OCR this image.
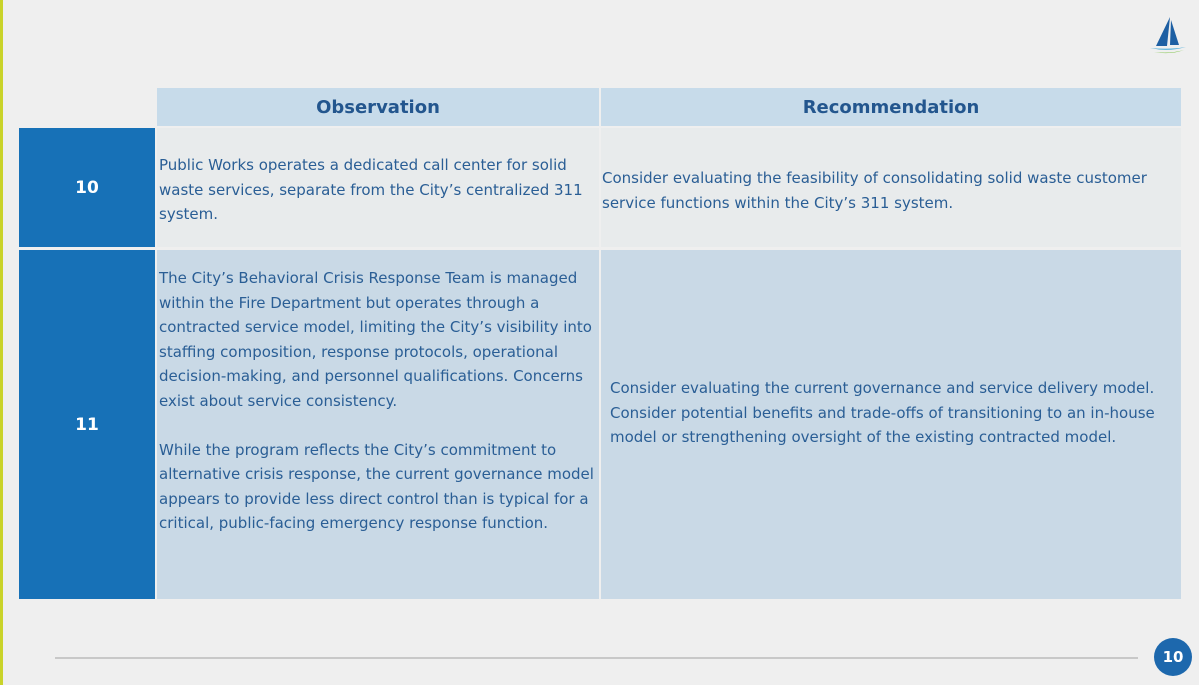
Observation	Recommendation
10
Public Works operates a dedicated call center for solid waste services, separate from the City’s centralized 311 system.
Consider evaluating the feasibility of consolidating solid waste customer service functions within the City’s 311 system.
11
The City’s Behavioral Crisis Response Team is managed within the Fire Department but operates through a contracted service model, limiting the City’s visibility into staffing composition, response protocols, operational decision-making, and personnel qualifications. Concerns exist about service consistency.
While the program reflects the City’s commitment to alternative crisis response, the current governance model appears to provide less direct control than is typical for a critical, public-facing emergency response function.
Consider evaluating the current governance and service delivery model. Consider potential benefits and trade-offs of transitioning to an in-house model or strengthening oversight of the existing contracted model.
10
